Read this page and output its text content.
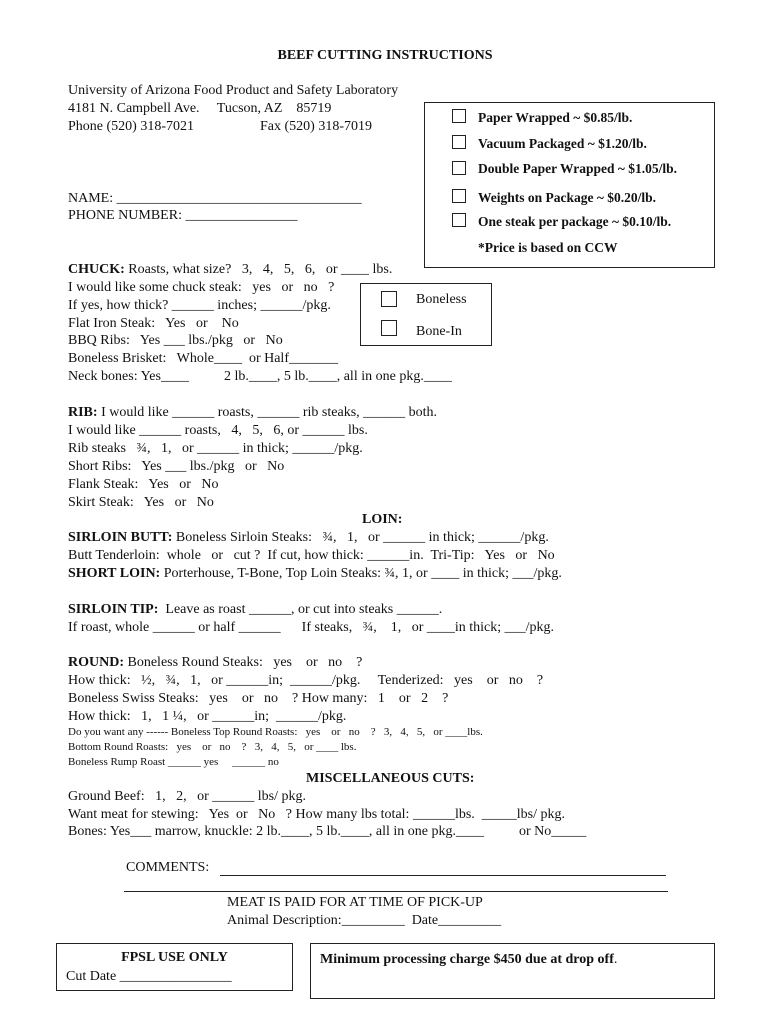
BEEF CUTTING INSTRUCTIONS
University of Arizona Food Product and Safety Laboratory
4181 N. Campbell Ave.     Tucson, AZ    85719
Phone (520) 318-7021	Fax (520) 318-7019
Paper Wrapped ~ $0.85/lb.
Vacuum Packaged ~ $1.20/lb.
Double Paper Wrapped ~ $1.05/lb.
Weights on Package ~ $0.20/lb.
One steak per package ~ $0.10/lb.
*Price is based on CCW
NAME: ___________________________________
PHONE NUMBER: ________________
Boneless
Bone-In
CHUCK: Roasts, what size?   3,   4,   5,   6,   or ____ lbs.
I would like some chuck steak:   yes   or   no   ?
If yes, how thick? ______ inches; ______/pkg.
Flat Iron Steak:   Yes   or    No
BBQ Ribs:   Yes ___ lbs./pkg   or   No
Boneless Brisket:   Whole____  or Half_______
Neck bones: Yes____          2 lb.____, 5 lb.____, all in one pkg.____
RIB: I would like ______ roasts, ______ rib steaks, ______ both.
I would like ______ roasts,   4,   5,   6, or ______ lbs.
Rib steaks   ¾,   1,   or ______ in thick; ______/pkg.
Short Ribs:   Yes ___ lbs./pkg   or   No
Flank Steak:   Yes   or   No
Skirt Steak:   Yes   or   No
LOIN:
SIRLOIN BUTT: Boneless Sirloin Steaks:   ¾,   1,   or ______ in thick; ______/pkg.
Butt Tenderloin:  whole   or   cut ?  If cut, how thick: ______in.  Tri-Tip:   Yes   or   No
SHORT LOIN: Porterhouse, T-Bone, Top Loin Steaks: ¾, 1, or ____ in thick; ___/pkg.
SIRLOIN TIP:  Leave as roast ______, or cut into steaks ______.
If roast, whole ______ or half ______      If steaks,   ¾,    1,   or ____in thick; ___/pkg.
ROUND: Boneless Round Steaks:   yes    or   no    ?
How thick:   ½,   ¾,   1,   or ______in;  ______/pkg.     Tenderized:   yes    or   no    ?
Boneless Swiss Steaks:   yes    or   no    ? How many:   1    or   2    ?
How thick:   1,   1 ¼,   or ______in;  ______/pkg.
Do you want any ------ Boneless Top Round Roasts:   yes    or   no    ?   3,   4,   5,   or ____lbs.
Bottom Round Roasts:   yes    or   no    ?   3,   4,   5,   or ____ lbs.
Boneless Rump Roast ______ yes     ______ no
MISCELLANEOUS CUTS:
Ground Beef:   1,   2,   or ______ lbs/ pkg.
Want meat for stewing:   Yes  or   No   ? How many lbs total: ______lbs.  _____lbs/ pkg.
Bones: Yes___ marrow, knuckle: 2 lb.____, 5 lb.____, all in one pkg.____          or No_____
COMMENTS:
MEAT IS PAID FOR AT TIME OF PICK-UP
Animal Description:_________  Date_________
FPSL USE ONLY
Cut Date ________________
Minimum processing charge $450 due at drop off.
